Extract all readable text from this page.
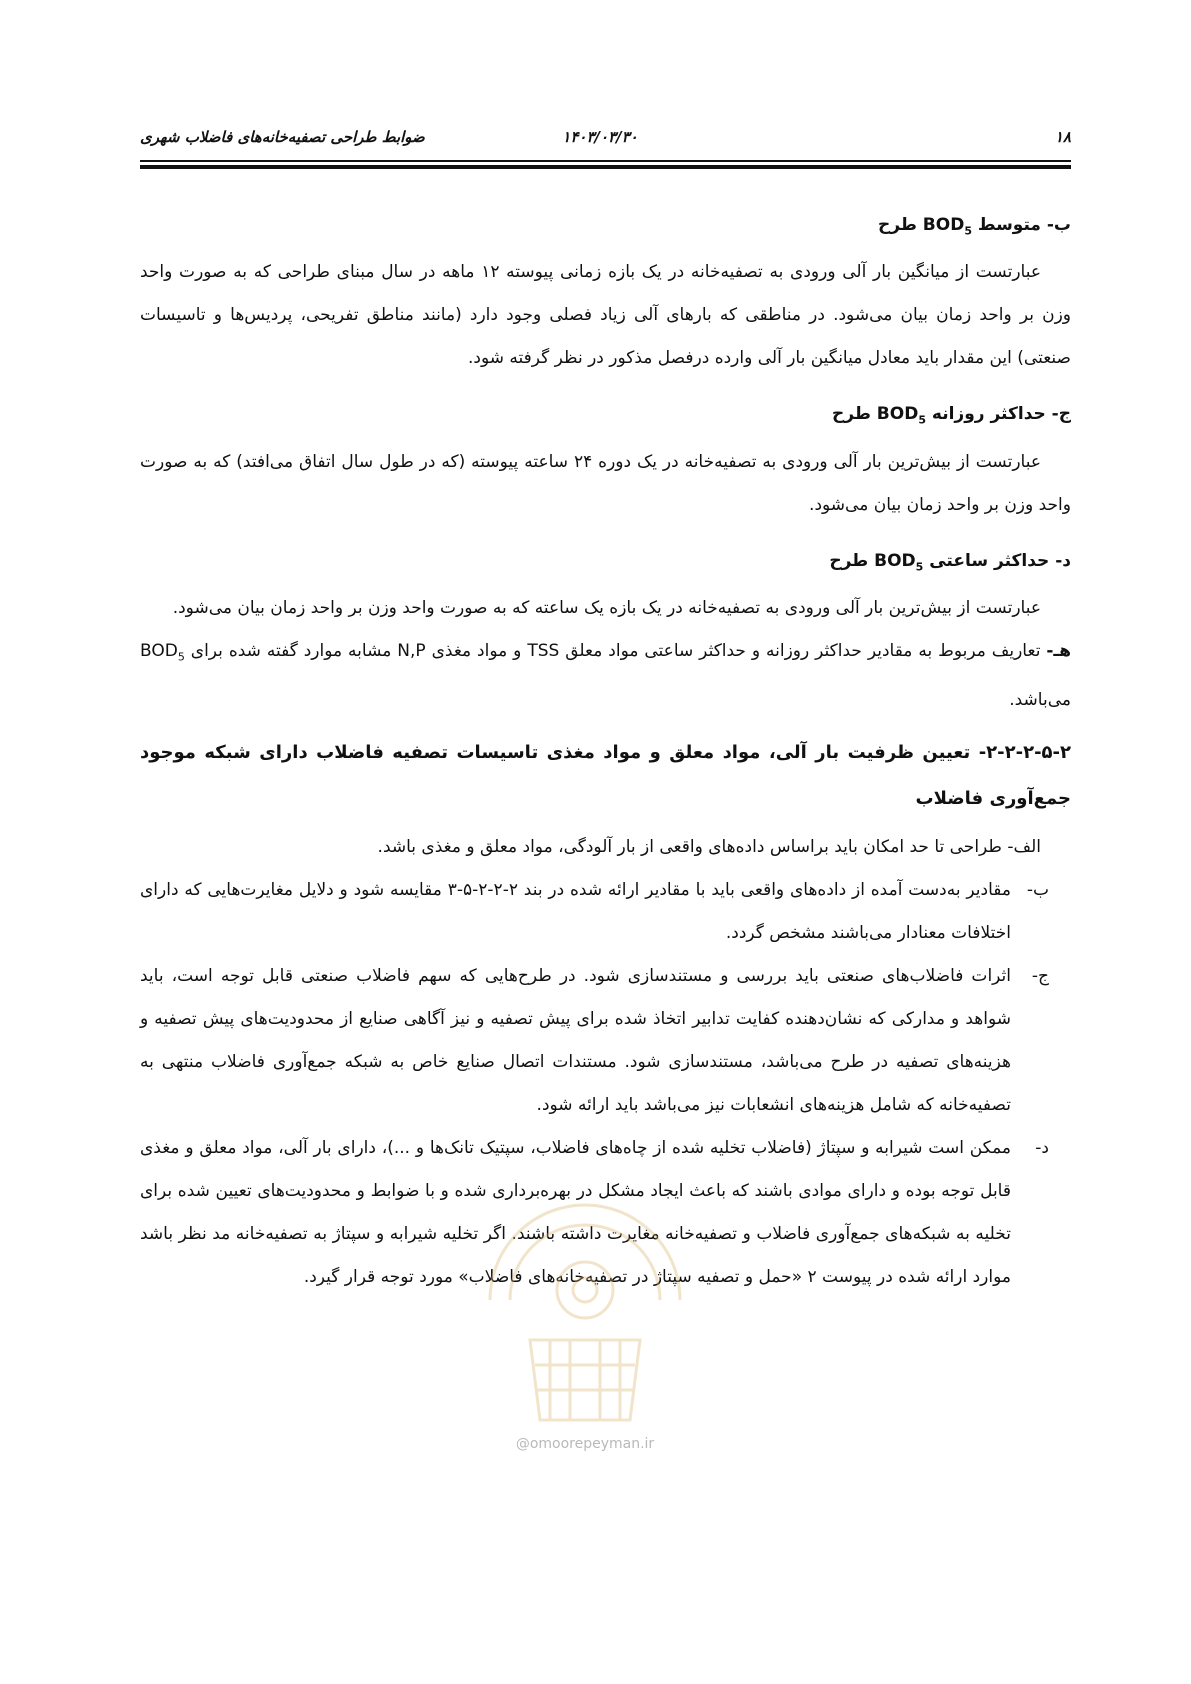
۱۸
۱۴۰۳/۰۳/۳۰
ضوابط طراحی تصفیه‌خانه‌های فاضلاب شهری

ب- متوسط $BOD_5$ طرح

عبارتست از میانگین بار آلی ورودی به تصفیه‌خانه در یک بازه زمانی پیوسته ۱۲ ماهه در سال مبنای طراحی که به صورت واحد وزن بر واحد زمان بیان می‌شود. در مناطقی که بارهای آلی زیاد فصلی وجود دارد (مانند مناطق تفریحی، پردیس‌ها و تاسیسات صنعتی) این مقدار باید معادل میانگین بار آلی وارده درفصل مذکور در نظر گرفته شود.

ج- حداکثر روزانه $BOD_5$ طرح

عبارتست از بیش‌ترین بار آلی ورودی به تصفیه‌خانه در یک دوره ۲۴ ساعته پیوسته (که در طول سال اتفاق می‌افتد) که به صورت واحد وزن بر واحد زمان بیان می‌شود.

د- حداکثر ساعتی $BOD_5$ طرح

عبارتست از بیش‌ترین بار آلی ورودی به تصفیه‌خانه در یک بازه یک ساعته که به صورت واحد وزن بر واحد زمان بیان می‌شود.

هـ- تعاریف مربوط به مقادیر حداکثر روزانه و حداکثر ساعتی مواد معلق TSS و مواد مغذی N,P مشابه موارد گفته شده برای $BOD_5$ می‌باشد.

۲-۲-۲-۵-۲- تعیین ظرفیت بار آلی، مواد معلق و مواد مغذی تاسیسات تصفیه فاضلاب دارای شبکه موجود جمع‌آوری فاضلاب

الف- طراحی تا حد امکان باید براساس داده‌های واقعی از بار آلودگی، مواد معلق و مغذی باشد.

ب-
مقادیر به‌دست آمده از داده‌های واقعی باید با مقادیر ارائه شده در بند ۲-۲-۲-۵-۳ مقایسه شود و دلایل مغایرت‌هایی که دارای اختلافات معنادار می‌باشند مشخص گردد.

ج-
اثرات فاضلاب‌های صنعتی باید بررسی و مستندسازی شود. در طرح‌هایی که سهم فاضلاب صنعتی قابل توجه است، باید شواهد و مدارکی که نشان‌دهنده کفایت تدابیر اتخاذ شده برای پیش تصفیه و نیز آگاهی صنایع از محدودیت‌های پیش تصفیه و هزینه‌های تصفیه در طرح می‌باشد، مستندسازی شود. مستندات اتصال صنایع خاص به شبکه جمع‌آوری فاضلاب منتهی به تصفیه‌خانه که شامل هزینه‌های انشعابات نیز می‌باشد باید ارائه شود.

د-
ممکن است شیرابه و سپتاژ (فاضلاب تخلیه شده از چاه‌های فاضلاب، سپتیک تانک‌ها و ...)، دارای بار آلی، مواد معلق و مغذی قابل توجه بوده و دارای موادی باشند که باعث ایجاد مشکل در بهره‌برداری شده و با ضوابط و محدودیت‌های تعیین شده برای تخلیه به شبکه‌های جمع‌آوری فاضلاب و تصفیه‌خانه مغایرت داشته باشند. اگر تخلیه شیرابه و سپتاژ به تصفیه‌خانه مد نظر باشد موارد ارائه شده در پیوست ۲ «حمل و تصفیه سپتاژ در تصفیه‌خانه‌های فاضلاب» مورد توجه قرار گیرد.

@omoorepeyman.ir
